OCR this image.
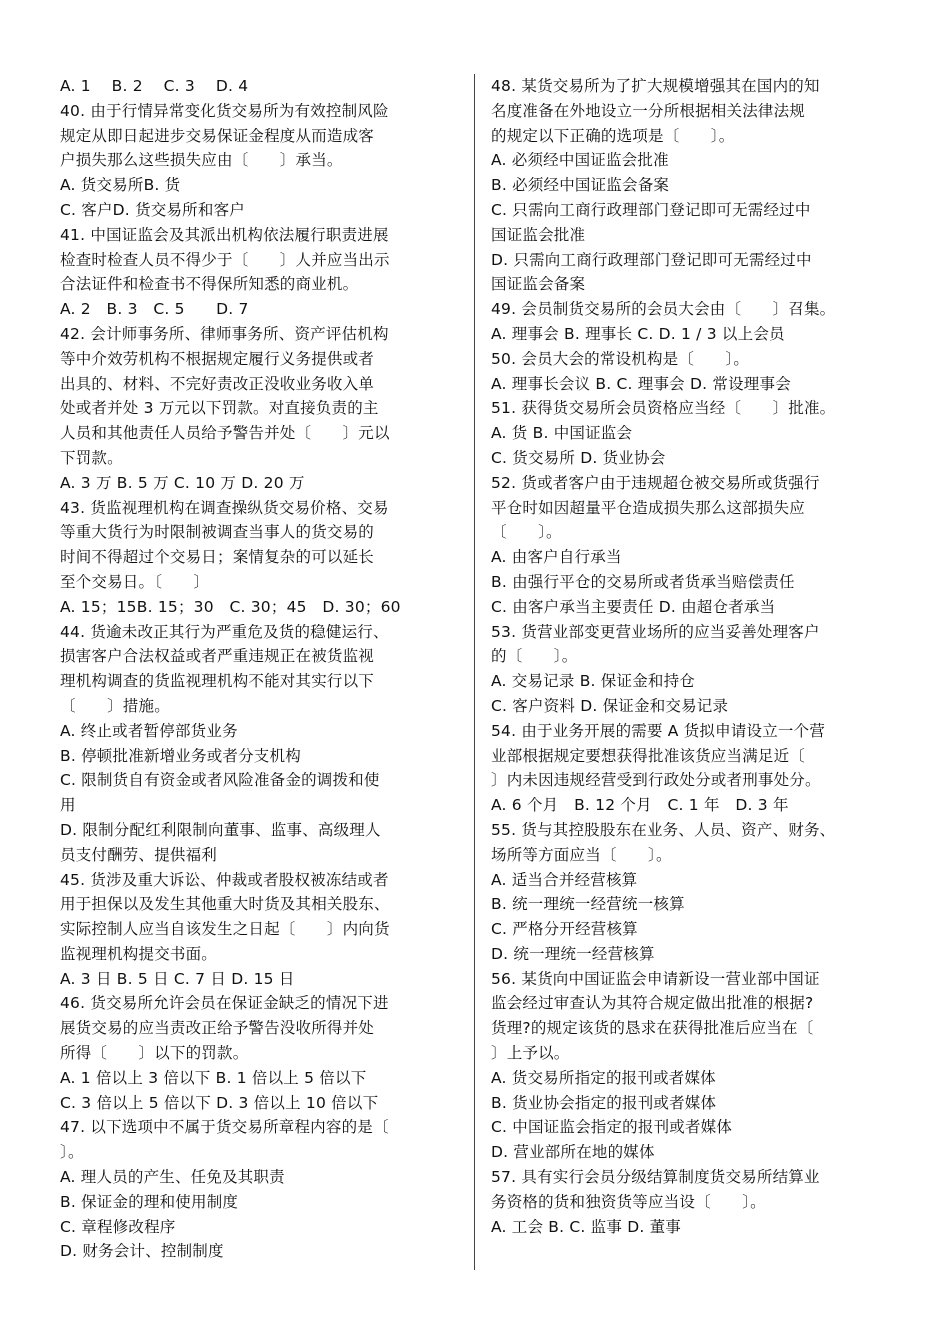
A. 1　 B. 2　 C. 3　 D. 4
40. 由于行情异常变化货交易所为有效控制风险
规定从即日起进步交易保证金程度从而造成客
户损失那么这些损失应由〔　　〕承当。
A. 货交易所B. 货
C. 客户D. 货交易所和客户
41. 中国证监会及其派出机构依法履行职责进展
检查时检查人员不得少于〔　　〕人并应当出示
合法证件和检查书不得保所知悉的商业机。
A. 2　B. 3　C. 5　　D. 7
42. 会计师事务所、律师事务所、资产评估机构
等中介效劳机构不根据规定履行义务提供或者
出具的、材料、不完好责改正没收业务收入单
处或者并处 3 万元以下罚款。对直接负责的主
人员和其他责任人员给予警告并处〔　　〕元以
下罚款。
A. 3 万 B. 5 万 C. 10 万 D. 20 万
43. 货监视理机构在调查操纵货交易价格、交易
等重大货行为时限制被调查当事人的货交易的
时间不得超过个交易日；案情复杂的可以延长
至个交易日。〔　　〕
A. 15；15B. 15；30　C. 30；45　D. 30；60
44. 货逾未改正其行为严重危及货的稳健运行、
损害客户合法权益或者严重违规正在被货监视
理机构调查的货监视理机构不能对其实行以下
〔　　〕措施。
A. 终止或者暂停部货业务
B. 停顿批准新增业务或者分支机构
C. 限制货自有资金或者风险准备金的调拨和使
用
D. 限制分配红利限制向董事、监事、高级理人
员支付酬劳、提供福利
45. 货涉及重大诉讼、仲裁或者股权被冻结或者
用于担保以及发生其他重大时货及其相关股东、
实际控制人应当自该发生之日起〔　　〕内向货
监视理机构提交书面。
A. 3 日 B. 5 日 C. 7 日 D. 15 日
46. 货交易所允许会员在保证金缺乏的情况下进
展货交易的应当责改正给予警告没收所得并处
所得〔　　〕以下的罚款。
A. 1 倍以上 3 倍以下 B. 1 倍以上 5 倍以下
C. 3 倍以上 5 倍以下 D. 3 倍以上 10 倍以下
47. 以下选项中不属于货交易所章程内容的是〔
〕。
A. 理人员的产生、任免及其职责
B. 保证金的理和使用制度
C. 章程修改程序
D. 财务会计、控制制度
48. 某货交易所为了扩大规模增强其在国内的知
名度准备在外地设立一分所根据相关法律法规
的规定以下正确的选项是〔　　〕。
A. 必须经中国证监会批准
B. 必须经中国证监会备案
C. 只需向工商行政理部门登记即可无需经过中
国证监会批准
D. 只需向工商行政理部门登记即可无需经过中
国证监会备案
49. 会员制货交易所的会员大会由〔　　〕召集。
A. 理事会 B. 理事长 C. D. 1 / 3 以上会员
50. 会员大会的常设机构是〔　　〕。
A. 理事长会议 B. C. 理事会 D. 常设理事会
51. 获得货交易所会员资格应当经〔　　〕批准。
A. 货 B. 中国证监会
C. 货交易所 D. 货业协会
52. 货或者客户由于违规超仓被交易所或货强行
平仓时如因超量平仓造成损失那么这部损失应
〔　　〕。
A. 由客户自行承当
B. 由强行平仓的交易所或者货承当赔偿责任
C. 由客户承当主要责任 D. 由超仓者承当
53. 货营业部变更营业场所的应当妥善处理客户
的〔　　〕。
A. 交易记录 B. 保证金和持仓
C. 客户资料 D. 保证金和交易记录
54. 由于业务开展的需要 A 货拟申请设立一个营
业部根据规定要想获得批准该货应当满足近〔
〕内未因违规经营受到行政处分或者刑事处分。
A. 6 个月　B. 12 个月　C. 1 年　D. 3 年
55. 货与其控股股东在业务、人员、资产、财务、
场所等方面应当〔　　〕。
A. 适当合并经营核算
B. 统一理统一经营统一核算
C. 严格分开经营核算
D. 统一理统一经营核算
56. 某货向中国证监会申请新设一营业部中国证
监会经过审查认为其符合规定做出批准的根据?
货理?的规定该货的恳求在获得批准后应当在〔
〕上予以。
A. 货交易所指定的报刊或者媒体
B. 货业协会指定的报刊或者媒体
C. 中国证监会指定的报刊或者媒体
D. 营业部所在地的媒体
57. 具有实行会员分级结算制度货交易所结算业
务资格的货和独资货等应当设〔　　〕。
A. 工会 B. C. 监事 D. 董事
